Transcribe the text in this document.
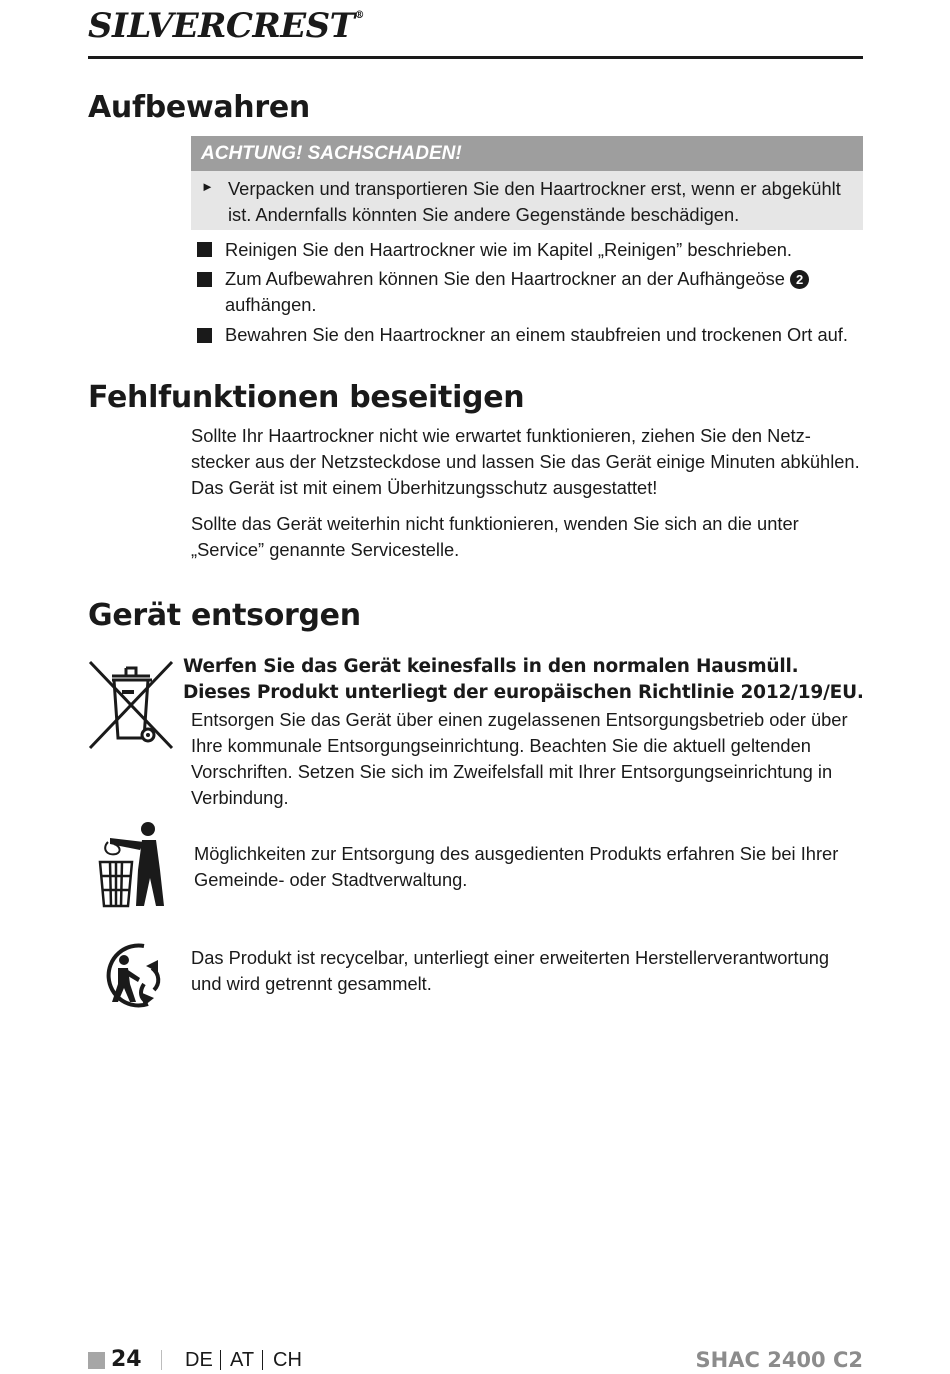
SILVERCREST®
Aufbewahren
ACHTUNG! SACHSCHADEN!
► Verpacken und transportieren Sie den Haartrockner erst, wenn er abgekühlt
ist. Andernfalls könnten Sie andere Gegenstände beschädigen.
Reinigen Sie den Haartrockner wie im Kapitel „Reinigen” beschrieben.
Zum Aufbewahren können Sie den Haartrockner an der Aufhängeöse 2
aufhängen.
Bewahren Sie den Haartrockner an einem staubfreien und trockenen Ort auf.
Fehlfunktionen beseitigen
Sollte Ihr Haartrockner nicht wie erwartet funktionieren, ziehen Sie den Netz-
stecker aus der Netzsteckdose und lassen Sie das Gerät einige Minuten abkühlen.
Das Gerät ist mit einem Überhitzungsschutz ausgestattet!
Sollte das Gerät weiterhin nicht funktionieren, wenden Sie sich an die unter
„Service” genannte Servicestelle.
Gerät entsorgen
Werfen Sie das Gerät keinesfalls in den normalen Hausmüll.
Dieses Produkt unterliegt der europäischen Richtlinie 2012/19/EU.
Entsorgen Sie das Gerät über einen zugelassenen Entsorgungsbetrieb oder über
Ihre kommunale Entsorgungseinrichtung. Beachten Sie die aktuell geltenden
Vorschriften. Setzen Sie sich im Zweifelsfall mit Ihrer Entsorgungseinrichtung in
Verbindung.
Möglichkeiten zur Entsorgung des ausgedienten Produkts erfahren Sie bei Ihrer
Gemeinde- oder Stadtverwaltung.
Das Produkt ist recycelbar, unterliegt einer erweiterten Herstellerverantwortung
und wird getrennt gesammelt.
24 DE AT CH	SHAC 2400 C2
